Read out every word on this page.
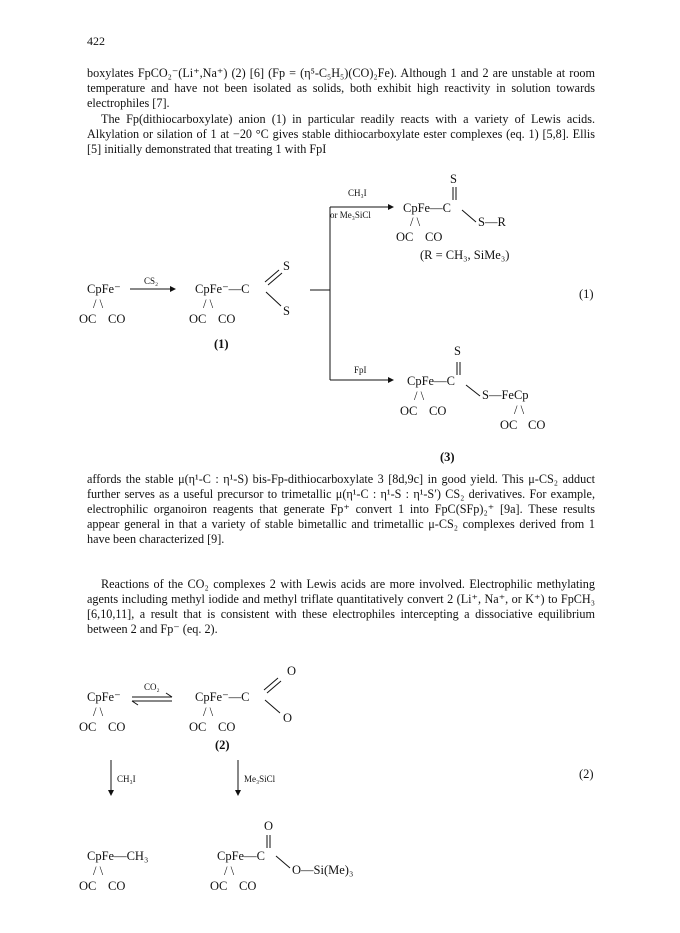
422

boxylates FpCO₂⁻(Li⁺,Na⁺) (2) [6] (Fp = (η⁵-C₅H₅)(CO)₂Fe). Although 1 and 2 are unstable at room temperature and have not been isolated as solids, both exhibit high reactivity in solution towards electrophiles [7].

The Fp(dithiocarboxylate) anion (1) in particular readily reacts with a variety of Lewis acids. Alkylation or silation of 1 at −20 °C gives stable dithiocarboxylate ester complexes (eq. 1) [5,8]. Ellis [5] initially demonstrated that treating 1 with FpI

CpFe⁻
/ \
OC CO
CS₂
CpFe⁻—C
S
S
/ \
OC CO
(1)
CH₃I
or Me₃SiCl
S
CpFe—C
S—R
/ \
OC CO
(R = CH₃, SiMe₃)
(1)
FpI
S
CpFe—C
S—FeCp
/ \
OC CO	/ \
OC CO
(3)

affords the stable μ(η¹-C : η¹-S) bis-Fp-dithiocarboxylate 3 [8d,9c] in good yield. This μ-CS₂ adduct further serves as a useful precursor to trimetallic μ(η¹-C : η¹-S : η¹-S′) CS₂ derivatives. For example, electrophilic organoiron reagents that generate Fp⁺ convert 1 into FpC(SFp)₂⁺ [9a]. These results appear general in that a variety of stable bimetallic and trimetallic μ-CS₂ complexes derived from 1 have been characterized [9].

Reactions of the CO₂ complexes 2 with Lewis acids are more involved. Electrophilic methylating agents including methyl iodide and methyl triflate quantitatively convert 2 (Li⁺, Na⁺, or K⁺) to FpCH₃ [6,10,11], a result that is consistent with these electrophiles intercepting a dissociative equilibrium between 2 and Fp⁻ (eq. 2).

O
CpFe⁻
/ \
OC CO
CO₂
CpFe⁻—C
O
/ \
OC CO
(2)
(2)
CH₃I	Me₃SiCl
CpFe—CH₃
/ \
OC CO
O
CpFe—C
O—Si(Me)₃
/ \
OC CO
